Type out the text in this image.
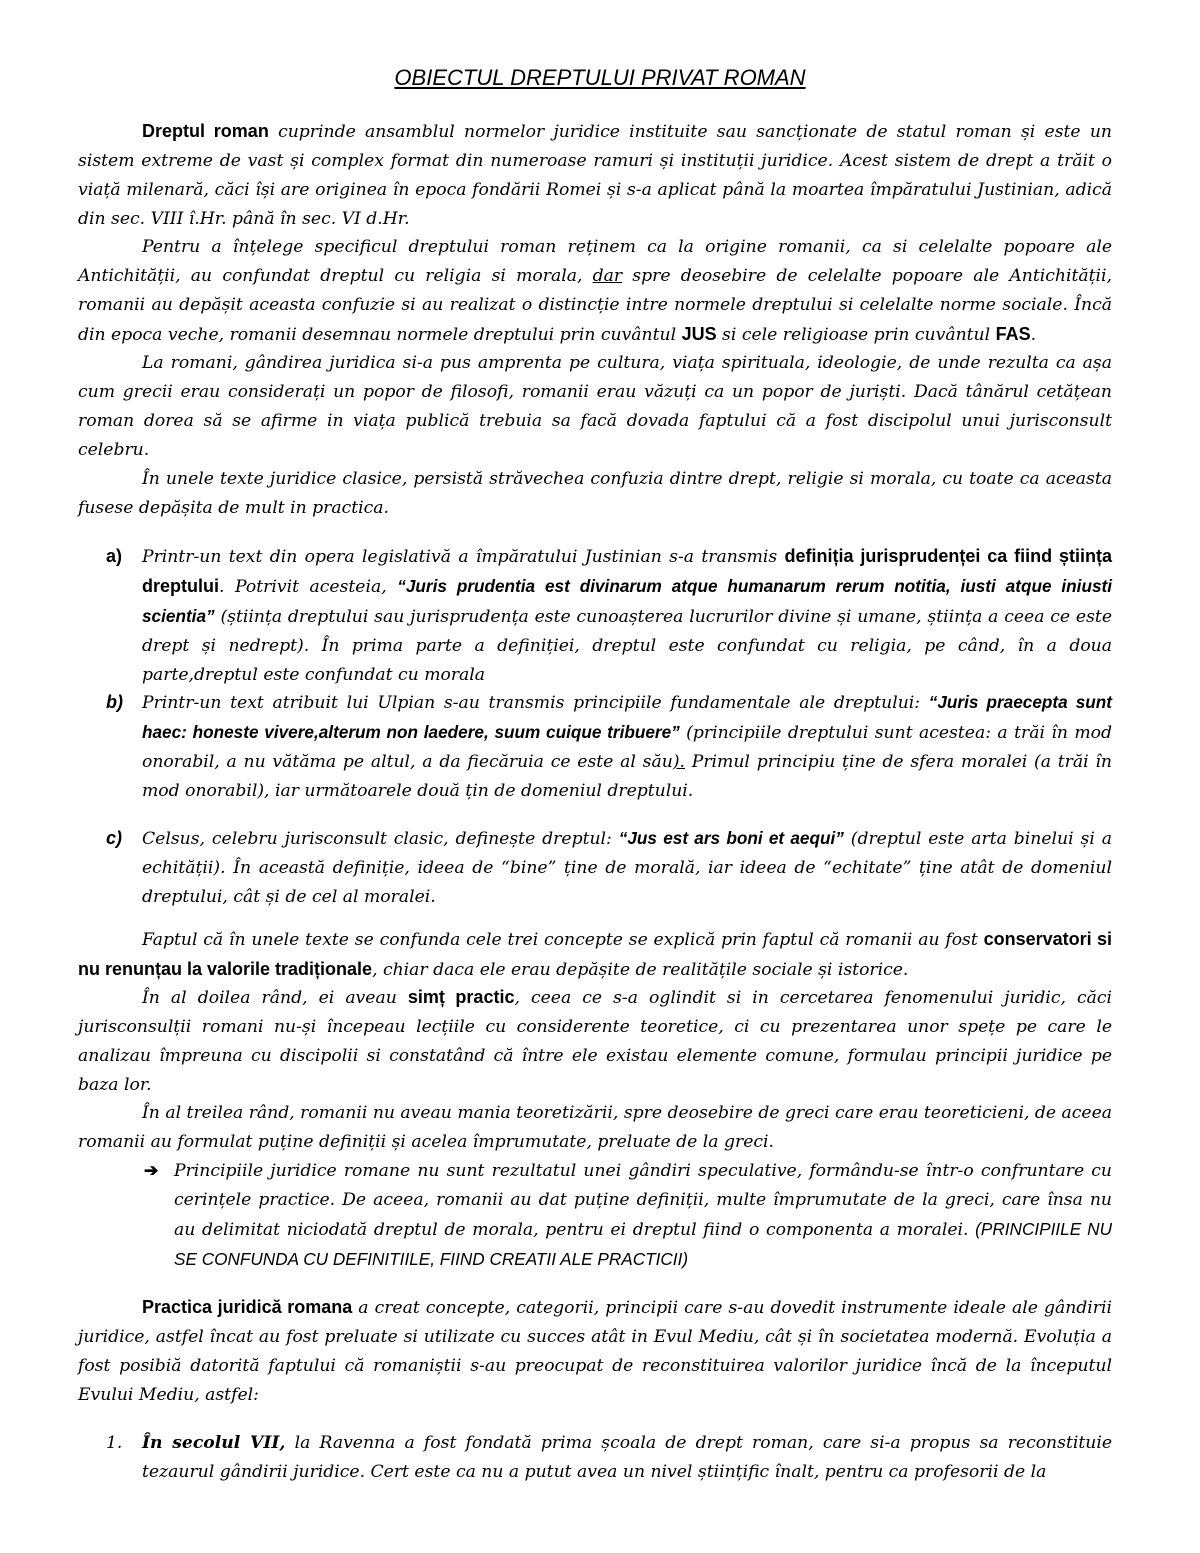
OBIECTUL DREPTULUI PRIVAT ROMAN

Dreptul roman cuprinde ansamblul normelor juridice instituite sau sancționate de statul roman și este un sistem extreme de vast și complex format din numeroase ramuri și instituții juridice. Acest sistem de drept a trăit o viață milenară, căci își are originea în epoca fondării Romei și s-a aplicat până la moartea împăratului Justinian, adică din sec. VIII î.Hr. până în sec. VI d.Hr.

Pentru a înțelege specificul dreptului roman reținem ca la origine romanii, ca si celelalte popoare ale Antichității, au confundat dreptul cu religia si morala, dar spre deosebire de celelalte popoare ale Antichității, romanii au depășit aceasta confuzie si au realizat o distincție intre normele dreptului si celelalte norme sociale. Încă din epoca veche, romanii desemnau normele dreptului prin cuvântul JUS si cele religioase prin cuvântul FAS.

La romani, gândirea juridica si-a pus amprenta pe cultura, viața spirituala, ideologie, de unde rezulta ca așa cum grecii erau considerați un popor de filosofi, romanii erau văzuți ca un popor de juriști. Dacă tânărul cetățean roman dorea să se afirme in viața publică trebuia sa facă dovada faptului că a fost discipolul unui jurisconsult celebru.

În unele texte juridice clasice, persistă străvechea confuzia dintre drept, religie si morala, cu toate ca aceasta fusese depășita de mult in practica.

a) Printr-un text din opera legislativă a împăratului Justinian s-a transmis definiția jurisprudenței ca fiind știința dreptului. Potrivit acesteia, “Juris prudentia est divinarum atque humanarum rerum notitia, iusti atque iniusti scientia” (știința dreptului sau jurisprudența este cunoașterea lucrurilor divine și umane, știința a ceea ce este drept și nedrept). În prima parte a definiției, dreptul este confundat cu religia, pe când, în a doua parte,dreptul este confundat cu morala

b) Printr-un text atribuit lui Ulpian s-au transmis principiile fundamentale ale dreptului: “Juris praecepta sunt haec: honeste vivere,alterum non laedere, suum cuique tribuere” (principiile dreptului sunt acestea: a trăi în mod onorabil, a nu vătăma pe altul, a da fiecăruia ce este al său). Primul principiu ține de sfera moralei (a trăi în mod onorabil), iar următoarele două țin de domeniul dreptului.

c) Celsus, celebru jurisconsult clasic, definește dreptul: “Jus est ars boni et aequi” (dreptul este arta binelui și a echității). În această definiție, ideea de “bine” ține de morală, iar ideea de “echitate” ține atât de domeniul dreptului, cât și de cel al moralei.

Faptul că în unele texte se confunda cele trei concepte se explică prin faptul că romanii au fost conservatori si nu renunțau la valorile tradiționale, chiar daca ele erau depășite de realitățile sociale și istorice.

În al doilea rând, ei aveau simț practic, ceea ce s-a oglindit si in cercetarea fenomenului juridic, căci jurisconsulții romani nu-și începeau lecțiile cu considerente teoretice, ci cu prezentarea unor spețe pe care le analizau împreuna cu discipolii si constatând că între ele existau elemente comune, formulau principii juridice pe baza lor.

În al treilea rând, romanii nu aveau mania teoretizării, spre deosebire de greci care erau teoreticieni, de aceea romanii au formulat puține definiții și acelea împrumutate, preluate de la greci.

➔ Principiile juridice romane nu sunt rezultatul unei gândiri speculative, formându-se într-o confruntare cu cerințele practice. De aceea, romanii au dat puține definiții, multe împrumutate de la greci, care însa nu au delimitat niciodată dreptul de morala, pentru ei dreptul fiind o componenta a moralei. (PRINCIPIILE NU SE CONFUNDA CU DEFINITIILE, FIIND CREATII ALE PRACTICII)

Practica juridică romana a creat concepte, categorii, principii care s-au dovedit instrumente ideale ale gândirii juridice, astfel încat au fost preluate si utilizate cu succes atât in Evul Mediu, cât și în societatea modernă. Evoluția a fost posibiă datorită faptului că romaniștii s-au preocupat de reconstituirea valorilor juridice încă de la începutul Evului Mediu, astfel:

1. În secolul VII, la Ravenna a fost fondată prima școala de drept roman, care si-a propus sa reconstituie tezaurul gândirii juridice. Cert este ca nu a putut avea un nivel științific înalt, pentru ca profesorii de la
